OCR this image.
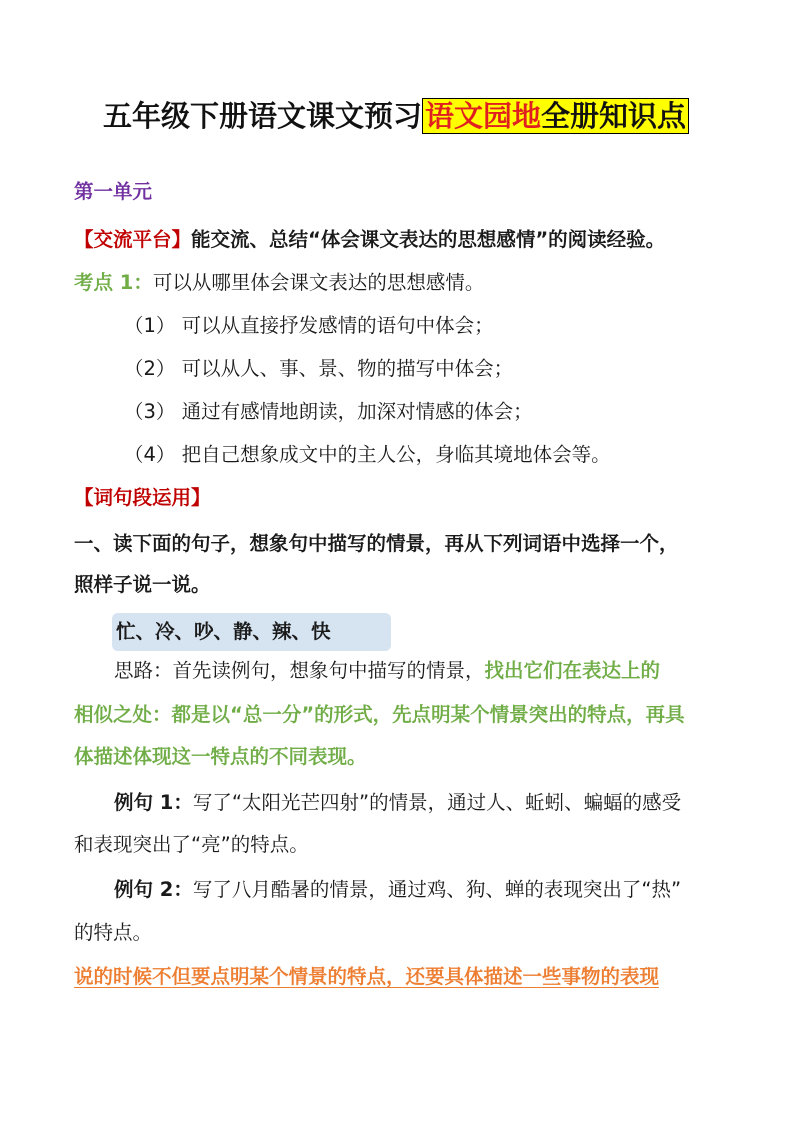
五年级下册语文课文预习 语文园地全册知识点
第一单元
【交流平台】能交流、总结“体会课文表达的思想感情”的阅读经验。
考点 1：可以从哪里体会课文表达的思想感情。
（1） 可以从直接抒发感情的语句中体会；
（2） 可以从人、事、景、物的描写中体会；
（3） 通过有感情地朗读，加深对情感的体会；
（4） 把自己想象成文中的主人公，身临其境地体会等。
【词句段运用】
一、读下面的句子，想象句中描写的情景，再从下列词语中选择一个，
照样子说一说。
忙、冷、吵、静、辣、快
思路：首先读例句，想象句中描写的情景，找出它们在表达上的
相似之处：都是以“总一分”的形式，先点明某个情景突出的特点，再具
体描述体现这一特点的不同表现。
例句 1：写了“太阳光芒四射”的情景，通过人、蚯蚓、蝙蝠的感受
和表现突出了“亮”的特点。
例句 2：写了八月酷暑的情景，通过鸡、狗、蝉的表现突出了“热”
的特点。
说的时候不但要点明某个情景的特点，还要具体描述一些事物的表现
